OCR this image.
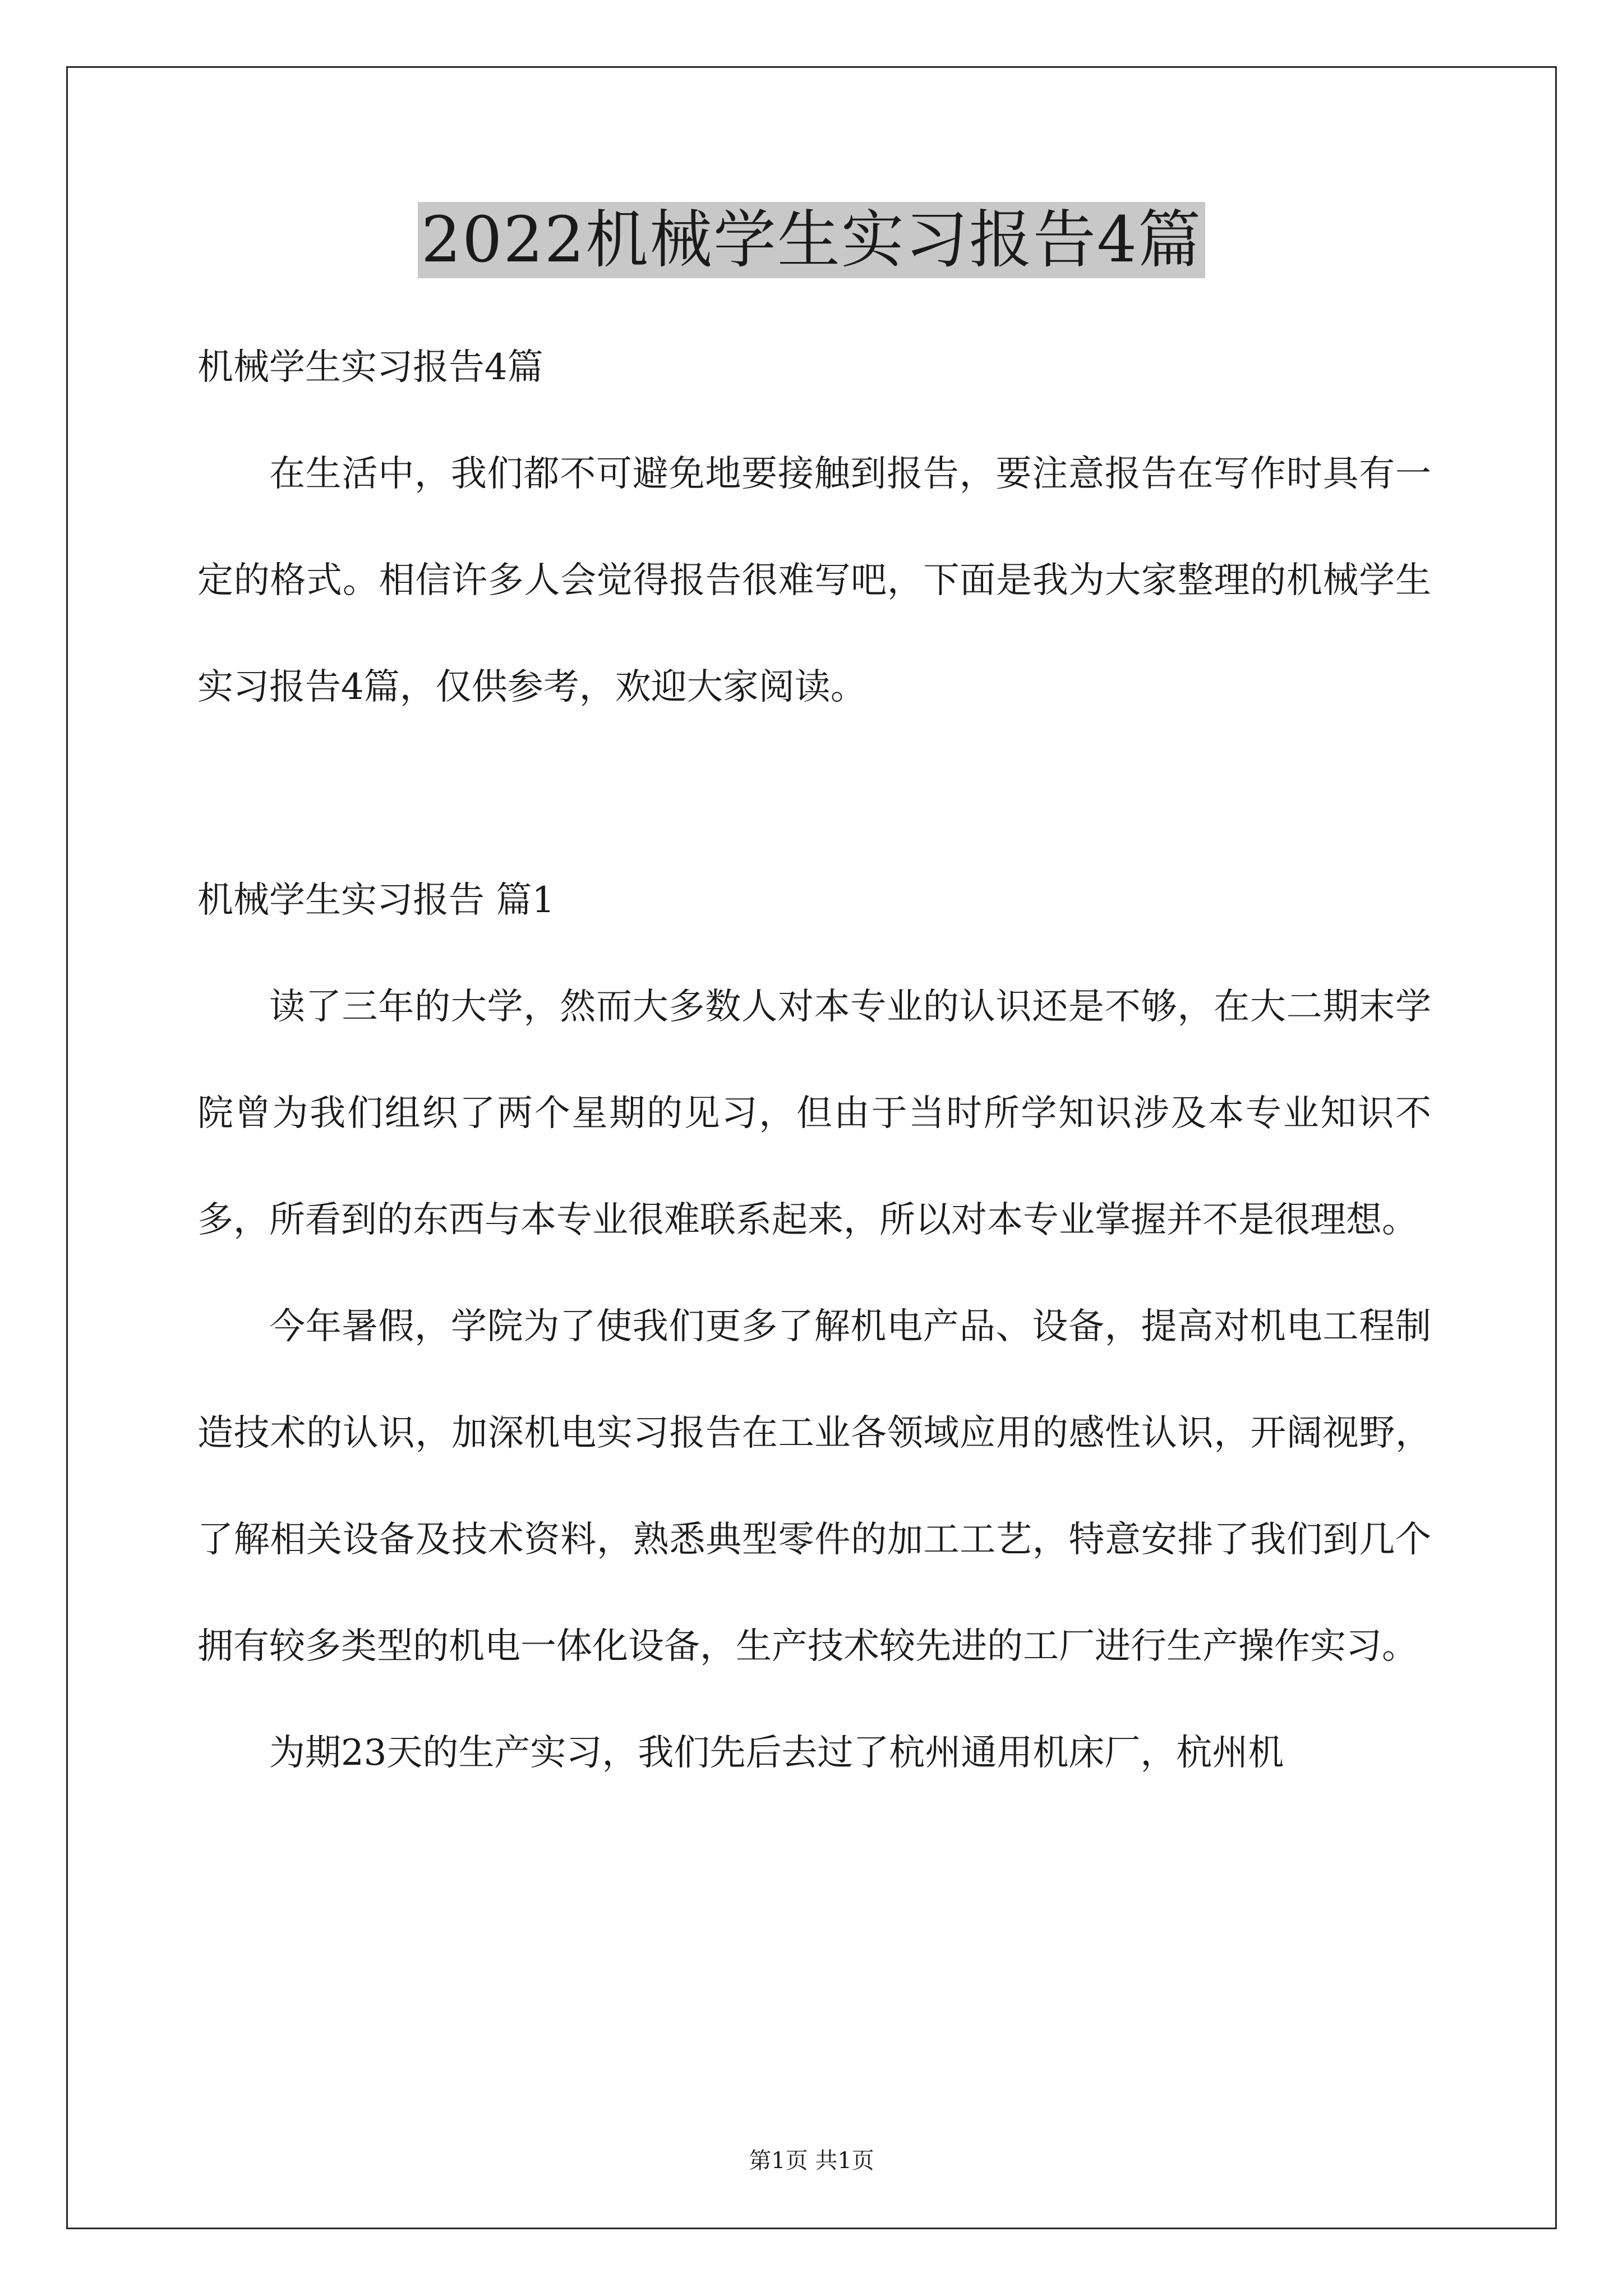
2022机械学生实习报告4篇
机械学生实习报告4篇

在生活中，我们都不可避免地要接触到报告，要注意报告在写作时具有一定的格式。相信许多人会觉得报告很难写吧，下面是我为大家整理的机械学生实习报告4篇，仅供参考，欢迎大家阅读。

机械学生实习报告 篇1

读了三年的大学，然而大多数人对本专业的认识还是不够，在大二期末学院曾为我们组织了两个星期的见习，但由于当时所学知识涉及本专业知识不多，所看到的东西与本专业很难联系起来，所以对本专业掌握并不是很理想。

今年暑假，学院为了使我们更多了解机电产品、设备，提高对机电工程制造技术的认识，加深机电实习报告在工业各领域应用的感性认识，开阔视野，了解相关设备及技术资料，熟悉典型零件的加工工艺，特意安排了我们到几个拥有较多类型的机电一体化设备，生产技术较先进的工厂进行生产操作实习。

为期23天的生产实习，我们先后去过了杭州通用机床厂，杭州机

第1页 共1页
